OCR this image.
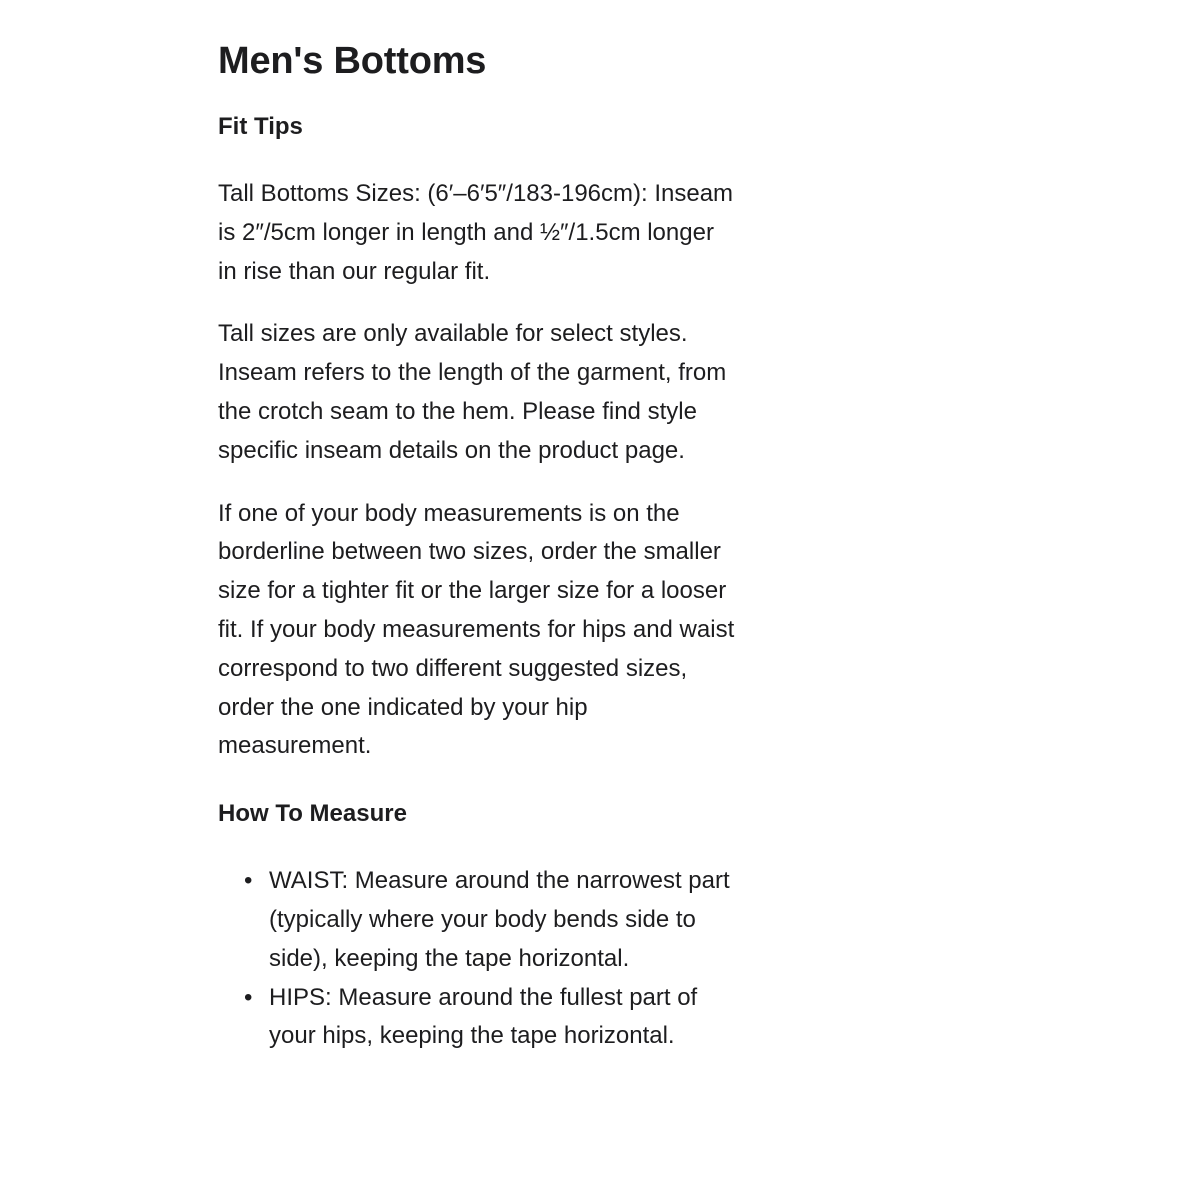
Men's Bottoms
Fit Tips

Tall Bottoms Sizes: (6′–6′5″/183-196cm): Inseam is 2″/5cm longer in length and ½″/1.5cm longer in rise than our regular fit.

Tall sizes are only available for select styles. Inseam refers to the length of the garment, from the crotch seam to the hem. Please find style specific inseam details on the product page.

If one of your body measurements is on the borderline between two sizes, order the smaller size for a tighter fit or the larger size for a looser fit. If your body measurements for hips and waist correspond to two different suggested sizes, order the one indicated by your hip measurement.

How To Measure
• WAIST: Measure around the narrowest part (typically where your body bends side to side), keeping the tape horizontal.
• HIPS: Measure around the fullest part of your hips, keeping the tape horizontal.
